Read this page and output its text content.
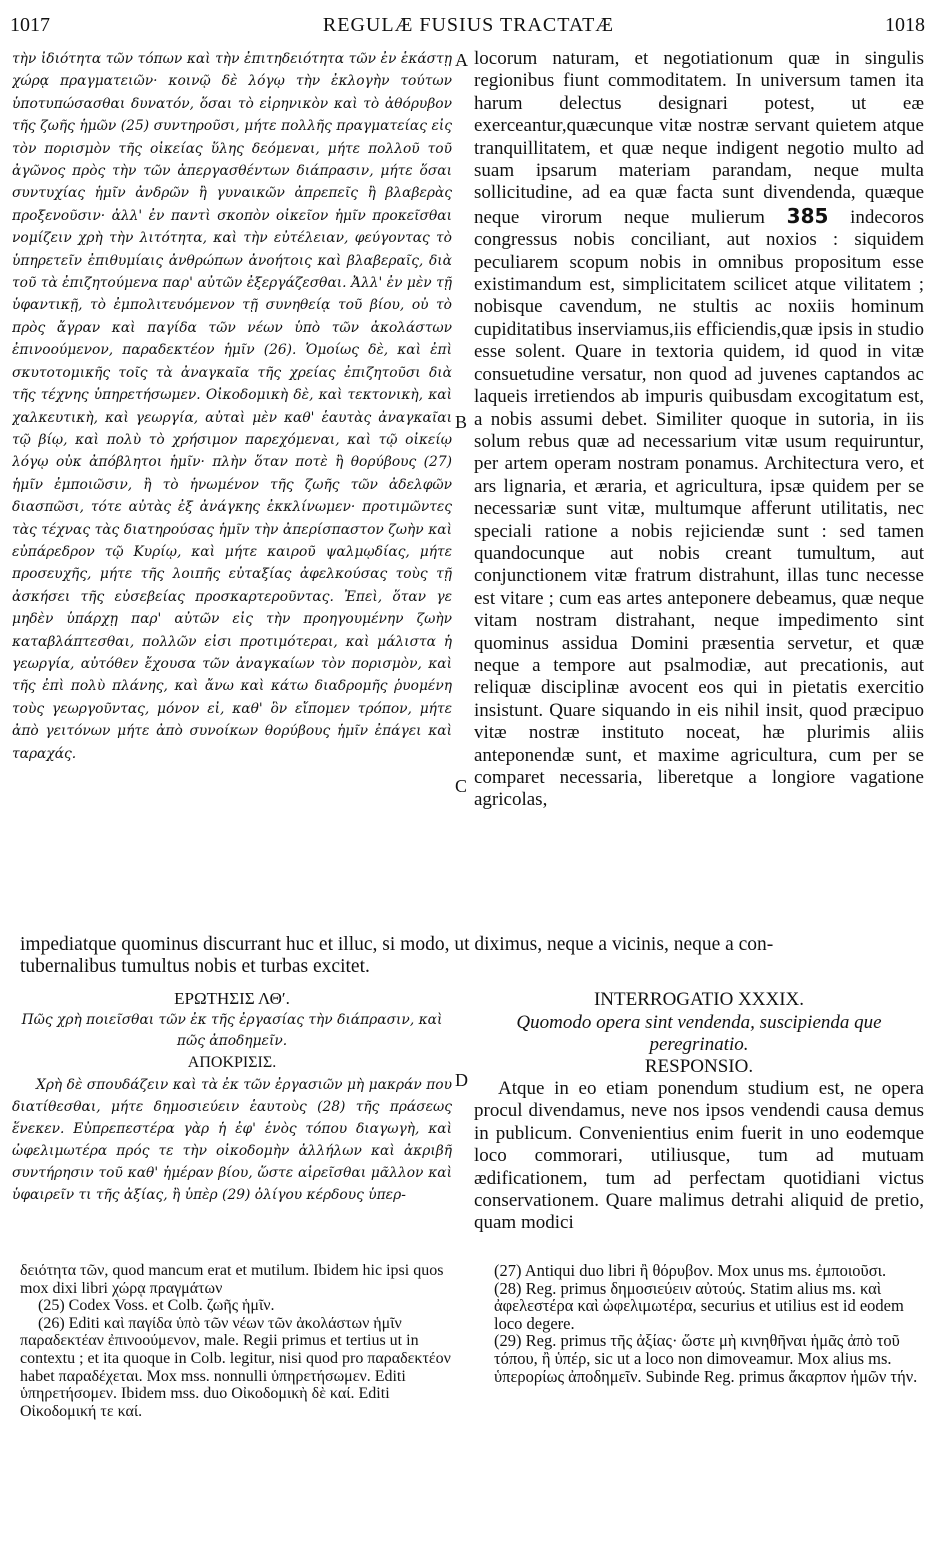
1017	REGULÆ FUSIUS TRACTATÆ	1018
A
B
C
D

τὴν ἰδιότητα τῶν τόπων καὶ τὴν ἐπιτηδειότητα τῶν ἐν ἑκάστῃ χώρᾳ πραγματειῶν· κοινῷ δὲ λόγῳ τὴν ἐκλογὴν τούτων ὑποτυπώσασθαι δυνατόν, ὅσαι τὸ εἰρηνικὸν καὶ τὸ ἀθόρυβον τῆς ζωῆς ἡμῶν (25) συντηροῦσι, μήτε πολλῆς πραγματείας εἰς τὸν πορισμὸν τῆς οἰκείας ὕλης δεόμεναι, μήτε πολλοῦ τοῦ ἀγῶνος πρὸς τὴν τῶν ἀπεργασθέντων διάπρασιν, μήτε ὅσαι συντυχίας ἡμῖν ἀνδρῶν ἢ γυναικῶν ἀπρεπεῖς ἢ βλαβερὰς προξενοῦσιν· ἀλλ' ἐν παντὶ σκοπὸν οἰκεῖον ἡμῖν προκεῖσθαι νομίζειν χρὴ τὴν λιτότητα, καὶ τὴν εὐτέλειαν, φεύγοντας τὸ ὑπηρετεῖν ἐπιθυμίαις ἀνθρώπων ἀνοήτοις καὶ βλαβεραῖς, διὰ τοῦ τὰ ἐπιζητούμενα παρ' αὐτῶν ἐξεργάζεσθαι. Ἀλλ' ἐν μὲν τῇ ὑφαντικῇ, τὸ ἐμπολιτευόμενον τῇ συνηθείᾳ τοῦ βίου, οὐ τὸ πρὸς ἄγραν καὶ παγίδα τῶν νέων ὑπὸ τῶν ἀκολάστων ἐπινοούμενον, παραδεκτέον ἡμῖν (26). Ὁμοίως δὲ, καὶ ἐπὶ σκυτοτομικῆς τοῖς τὰ ἀναγκαῖα τῆς χρείας ἐπιζητοῦσι διὰ τῆς τέχνης ὑπηρετήσωμεν. Οἰκοδομικὴ δὲ, καὶ τεκτονικὴ, καὶ χαλκευτικὴ, καὶ γεωργία, αὐταὶ μὲν καθ' ἑαυτὰς ἀναγκαῖαι τῷ βίῳ, καὶ πολὺ τὸ χρήσιμον παρεχόμεναι, καὶ τῷ οἰκείῳ λόγῳ οὐκ ἀπόβλητοι ἡμῖν· πλὴν ὅταν ποτὲ ἢ θορύβους (27) ἡμῖν ἐμποιῶσιν, ἢ τὸ ἡνωμένον τῆς ζωῆς τῶν ἀδελφῶν διασπῶσι, τότε αὐτὰς ἐξ ἀνάγκης ἐκκλίνωμεν· προτιμῶντες τὰς τέχνας τὰς διατηρούσας ἡμῖν τὴν ἀπερίσπαστον ζωὴν καὶ εὐπάρεδρον τῷ Κυρίῳ, καὶ μήτε καιροῦ ψαλμῳδίας, μήτε προσευχῆς, μήτε τῆς λοιπῆς εὐταξίας ἀφελκούσας τοὺς τῇ ἀσκήσει τῆς εὐσεβείας προσκαρτεροῦντας. Ἐπεὶ, ὅταν γε μηδὲν ὑπάρχῃ παρ' αὐτῶν εἰς τὴν προηγουμένην ζωὴν καταβλάπτεσθαι, πολλῶν εἰσι προτιμότεραι, καὶ μάλιστα ἡ γεωργία, αὐτόθεν ἔχουσα τῶν ἀναγκαίων τὸν πορισμὸν, καὶ τῆς ἐπὶ πολὺ πλάνης, καὶ ἄνω καὶ κάτω διαδρομῆς ῥυομένη τοὺς γεωργοῦντας, μόνον εἰ, καθ' ὃν εἴπομεν τρόπον, μήτε ἀπὸ γειτόνων μήτε ἀπὸ συνοίκων θορύβους ἡμῖν ἐπάγει καὶ ταραχάς.

locorum naturam, et negotiationum quæ in singulis regionibus fiunt commoditatem. In universum tamen ita harum delectus designari potest, ut eæ exerceantur,quæcunque vitæ nostræ servant quietem atque tranquillitatem, et quæ neque indigent negotio multo ad suam ipsarum materiam parandam, neque multa sollicitudine, ad ea quæ facta sunt divendenda, quæque neque virorum neque mulierum 385 indecoros congressus nobis conciliant, aut noxios : siquidem peculiarem scopum nobis in omnibus propositum esse existimandum est, simplicitatem scilicet atque vilitatem ; nobisque cavendum, ne stultis ac noxiis hominum cupiditatibus inserviamus,iis efficiendis,quæ ipsis in studio esse solent. Quare in textoria quidem, id quod in vitæ consuetudine versatur, non quod ad juvenes captandos ac laqueis irretiendos ab impuris quibusdam excogitatum est, a nobis assumi debet. Similiter quoque in sutoria, in iis solum rebus quæ ad necessarium vitæ usum requiruntur, per artem operam nostram ponamus. Architectura vero, et ars lignaria, et æraria, et agricultura, ipsæ quidem per se necessariæ sunt vitæ, multumque afferunt utilitatis, nec speciali ratione a nobis rejiciendæ sunt : sed tamen quandocunque aut nobis creant tumultum, aut conjunctionem vitæ fratrum distrahunt, illas tunc necesse est vitare ; cum eas artes anteponere debeamus, quæ neque vitam nostram distrahant, neque impedimento sint quominus assidua Domini præsentia servetur, et quæ neque a tempore aut psalmodiæ, aut precationis, aut reliquæ disciplinæ avocent eos qui in pietatis exercitio insistunt. Quare siquando in eis nihil insit, quod præcipuo vitæ nostræ instituto noceat, hæ plurimis aliis anteponendæ sunt, et maxime agricultura, cum per se comparet necessaria, liberetque a longiore vagatione agricolas,

impediatque quominus discurrant huc et illuc, si modo, ut diximus, neque a vicinis, neque a con-
tubernalibus tumultus nobis et turbas excitet.
ΕΡΩΤΗΣΙΣ ΛΘʹ.
Πῶς χρὴ ποιεῖσθαι τῶν ἐκ τῆς ἐργασίας τὴν διάπρασιν, καὶ πῶς ἀποδημεῖν.
ΑΠΟΚΡΙΣΙΣ.

Χρὴ δὲ σπουδάζειν καὶ τὰ ἐκ τῶν ἐργασιῶν μὴ μακράν που διατίθεσθαι, μήτε δημοσιεύειν ἑαυτοὺς (28) τῆς πράσεως ἕνεκεν. Εὐπρεπεστέρα γὰρ ἡ ἐφ' ἑνὸς τόπου διαγωγὴ, καὶ ὠφελιμωτέρα πρός τε τὴν οἰκοδομὴν ἀλλήλων καὶ ἀκριβῆ συντήρησιν τοῦ καθ' ἡμέραν βίου, ὥστε αἱρεῖσθαι μᾶλλον καὶ ὑφαιρεῖν τι τῆς ἀξίας, ἢ ὑπὲρ (29) ὀλίγου κέρδους ὑπερ-

INTERROGATIO XXXIX.
Quomodo opera sint vendenda, suscipienda que peregrinatio.
RESPONSIO.

Atque in eo etiam ponendum studium est, ne opera procul divendamus, neve nos ipsos vendendi causa demus in publicum. Convenientius enim fuerit in uno eodemque loco commorari, utiliusque, tum ad mutuam ædificationem, tum ad perfectam quotidiani victus conservationem. Quare malimus detrahi aliquid de pretio, quam modici

δειότητα τῶν, quod mancum erat et mutilum. Ibidem hic ipsi quos mox dixi libri χώρᾳ πραγμάτων

(25) Codex Voss. et Colb. ζωῆς ἡμῖν.

(26) Editi καὶ παγίδα ὑπὸ τῶν νέων τῶν ἀκολάστων ἡμῖν παραδεκτέαν ἐπινοούμενον, male. Regii primus et tertius ut in contextu ; et ita quoque in Colb. legitur, nisi quod pro παραδεκτέον habet παραδέχεται. Mox mss. nonnulli ὑπηρετήσωμεν. Editi ὑπηρετήσομεν. Ibidem mss. duo Οἰκοδομικὴ δὲ καί. Editi Οἰκοδομική τε καί.

(27) Antiqui duo libri ἢ θόρυβον. Mox unus ms. ἐμποιοῦσι.

(28) Reg. primus δημοσιεύειν αὐτούς. Statim alius ms. καὶ ἀφελεστέρα καὶ ὠφελιμωτέρα, securius et utilius est id eodem loco degere.

(29) Reg. primus τῆς ἀξίας· ὥστε μὴ κινηθῆναι ἡμᾶς ἀπὸ τοῦ τόπου, ἢ ὑπέρ, sic ut a loco non dimoveamur. Mox alius ms. ὑπερορίως ἀποδημεῖν. Subinde Reg. primus ἄκαρπον ἡμῶν τήν.
